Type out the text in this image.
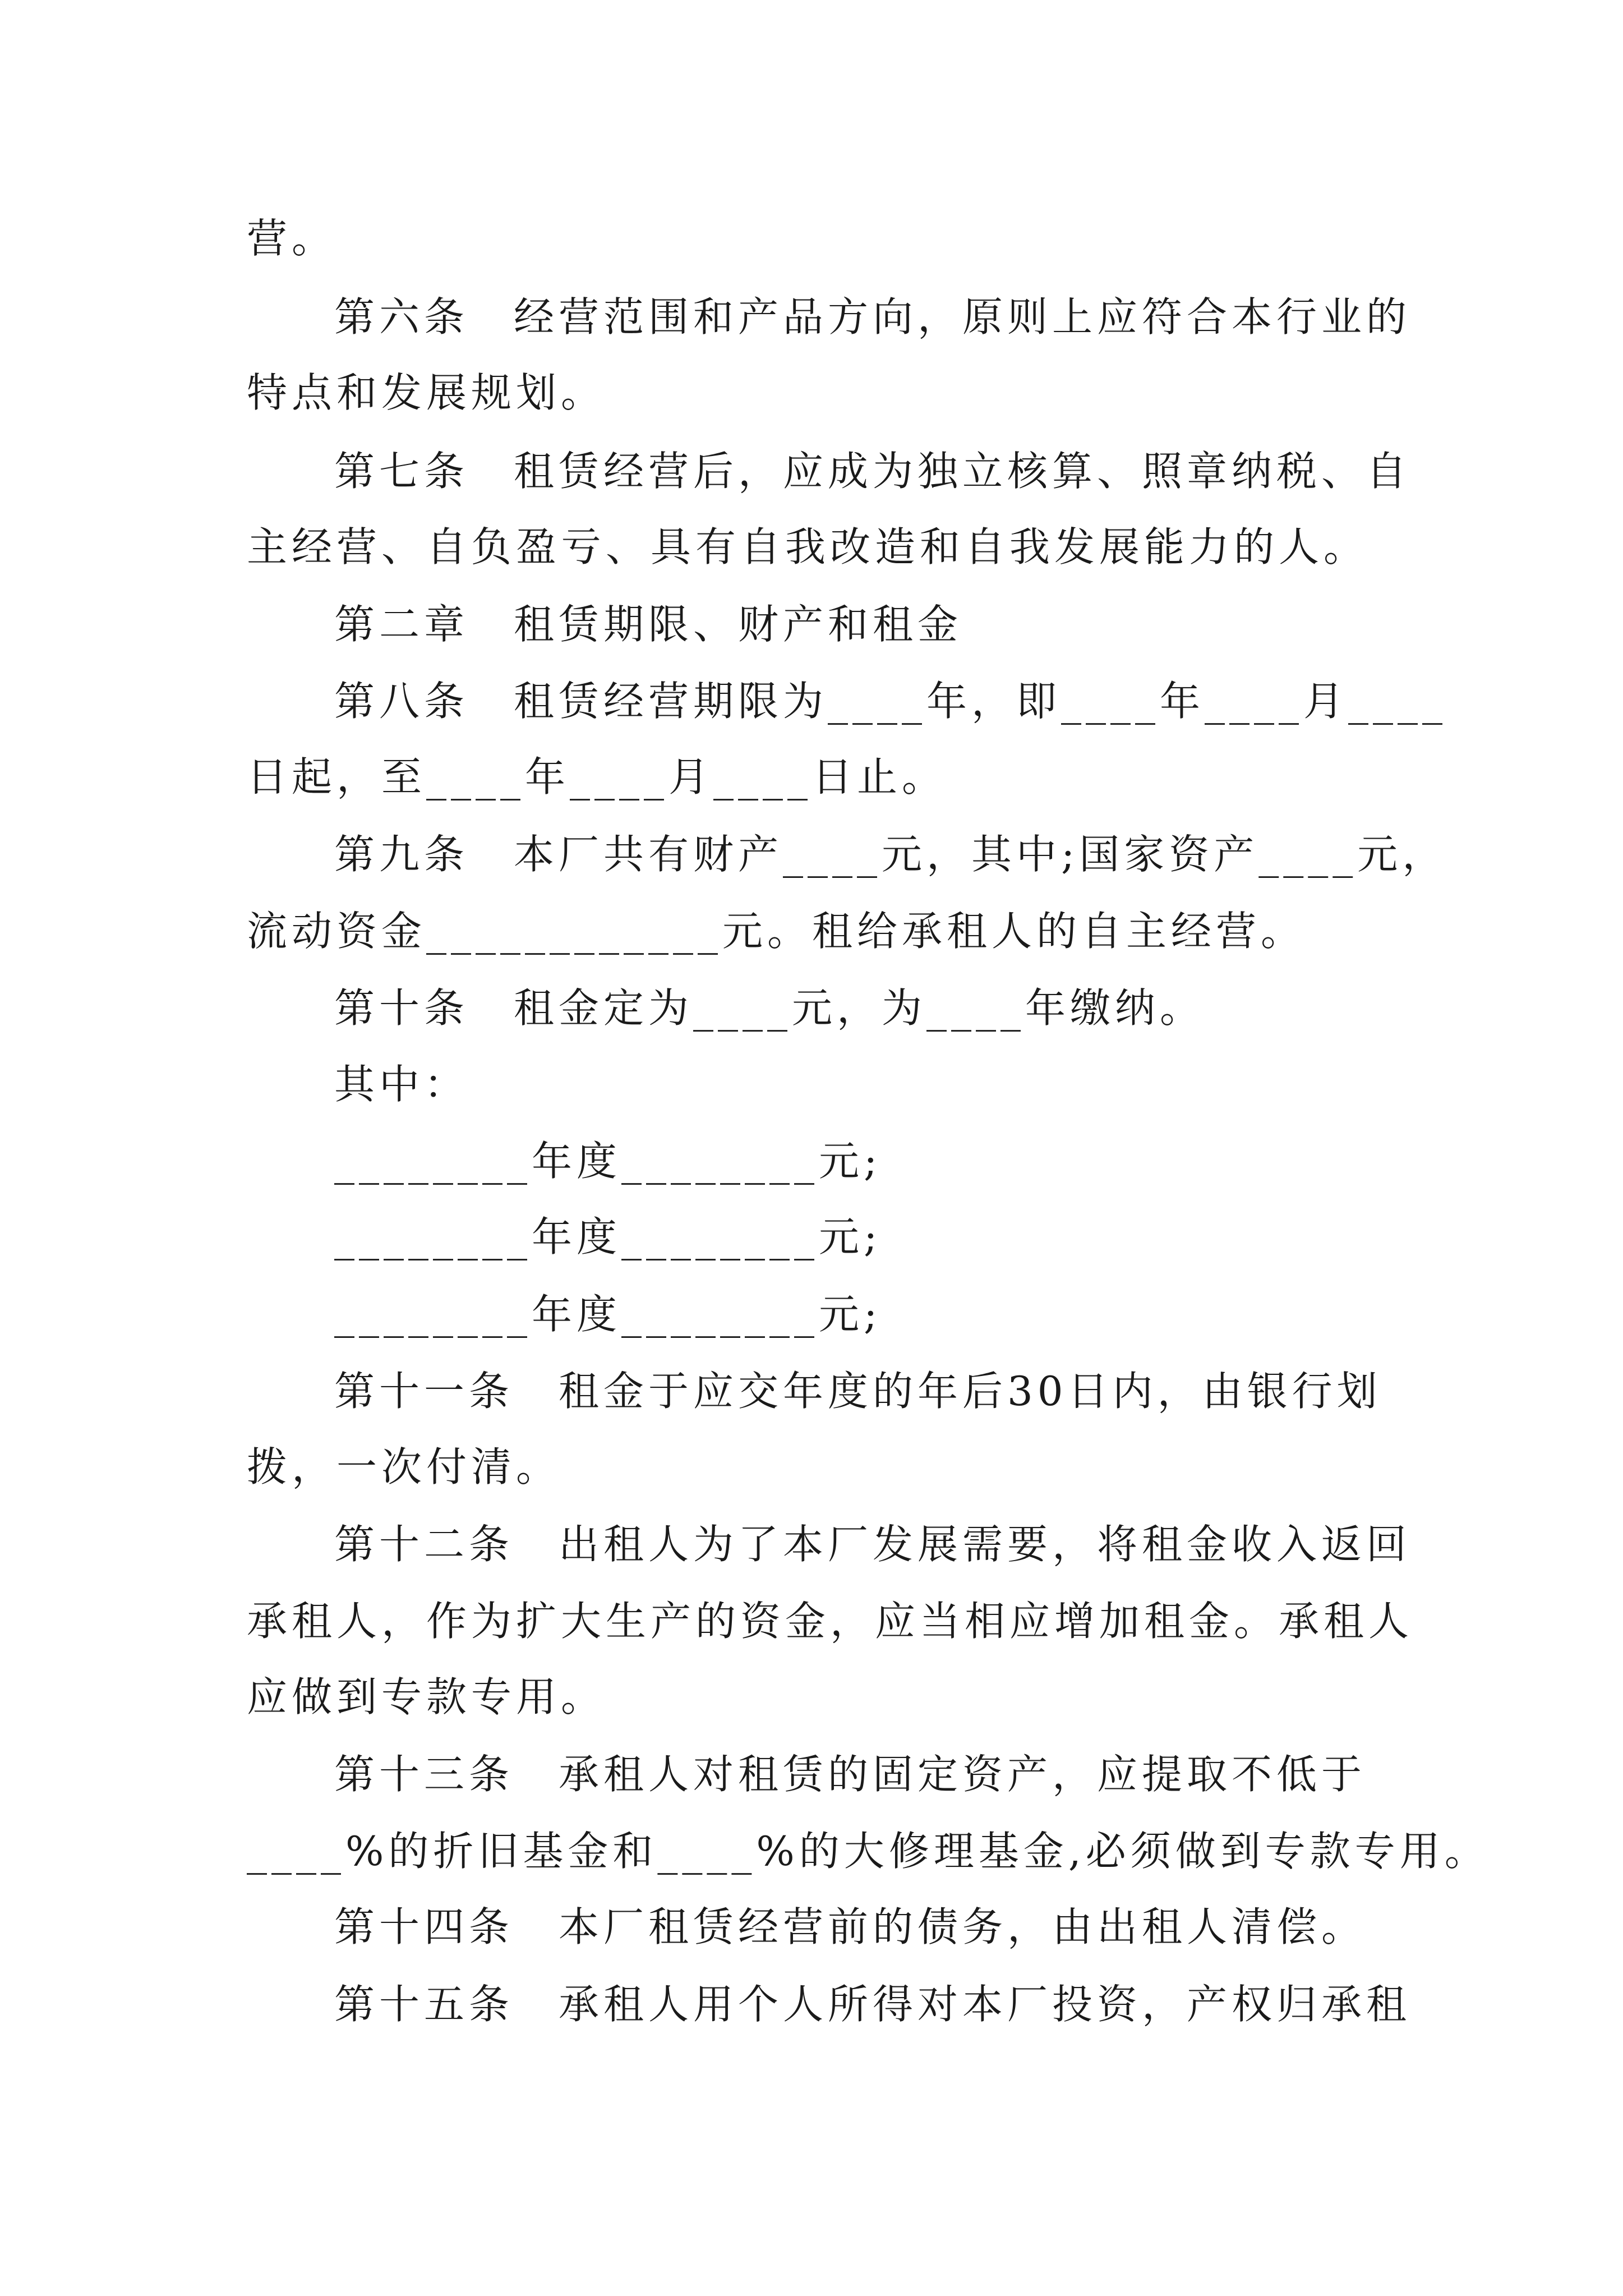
营。
第六条　经营范围和产品方向，原则上应符合本行业的
特点和发展规划。
第七条　租赁经营后，应成为独立核算、照章纳税、自
主经营、自负盈亏、具有自我改造和自我发展能力的人。
第二章　租赁期限、财产和租金
第八条　租赁经营期限为____年，即____年____月____
日起，至____年____月____日止。
第九条　本厂共有财产____元，其中;国家资产____元，
流动资金____________元。租给承租人的自主经营。
第十条　租金定为____元，为____年缴纳。
其中：
________年度________元;
________年度________元;
________年度________元;
第十一条　租金于应交年度的年后30日内，由银行划
拨，一次付清。
第十二条　出租人为了本厂发展需要，将租金收入返回
承租人，作为扩大生产的资金，应当相应增加租金。承租人
应做到专款专用。
第十三条　承租人对租赁的固定资产，应提取不低于
____%的折旧基金和____%的大修理基金,必须做到专款专用。
第十四条　本厂租赁经营前的债务，由出租人清偿。
第十五条　承租人用个人所得对本厂投资，产权归承租
